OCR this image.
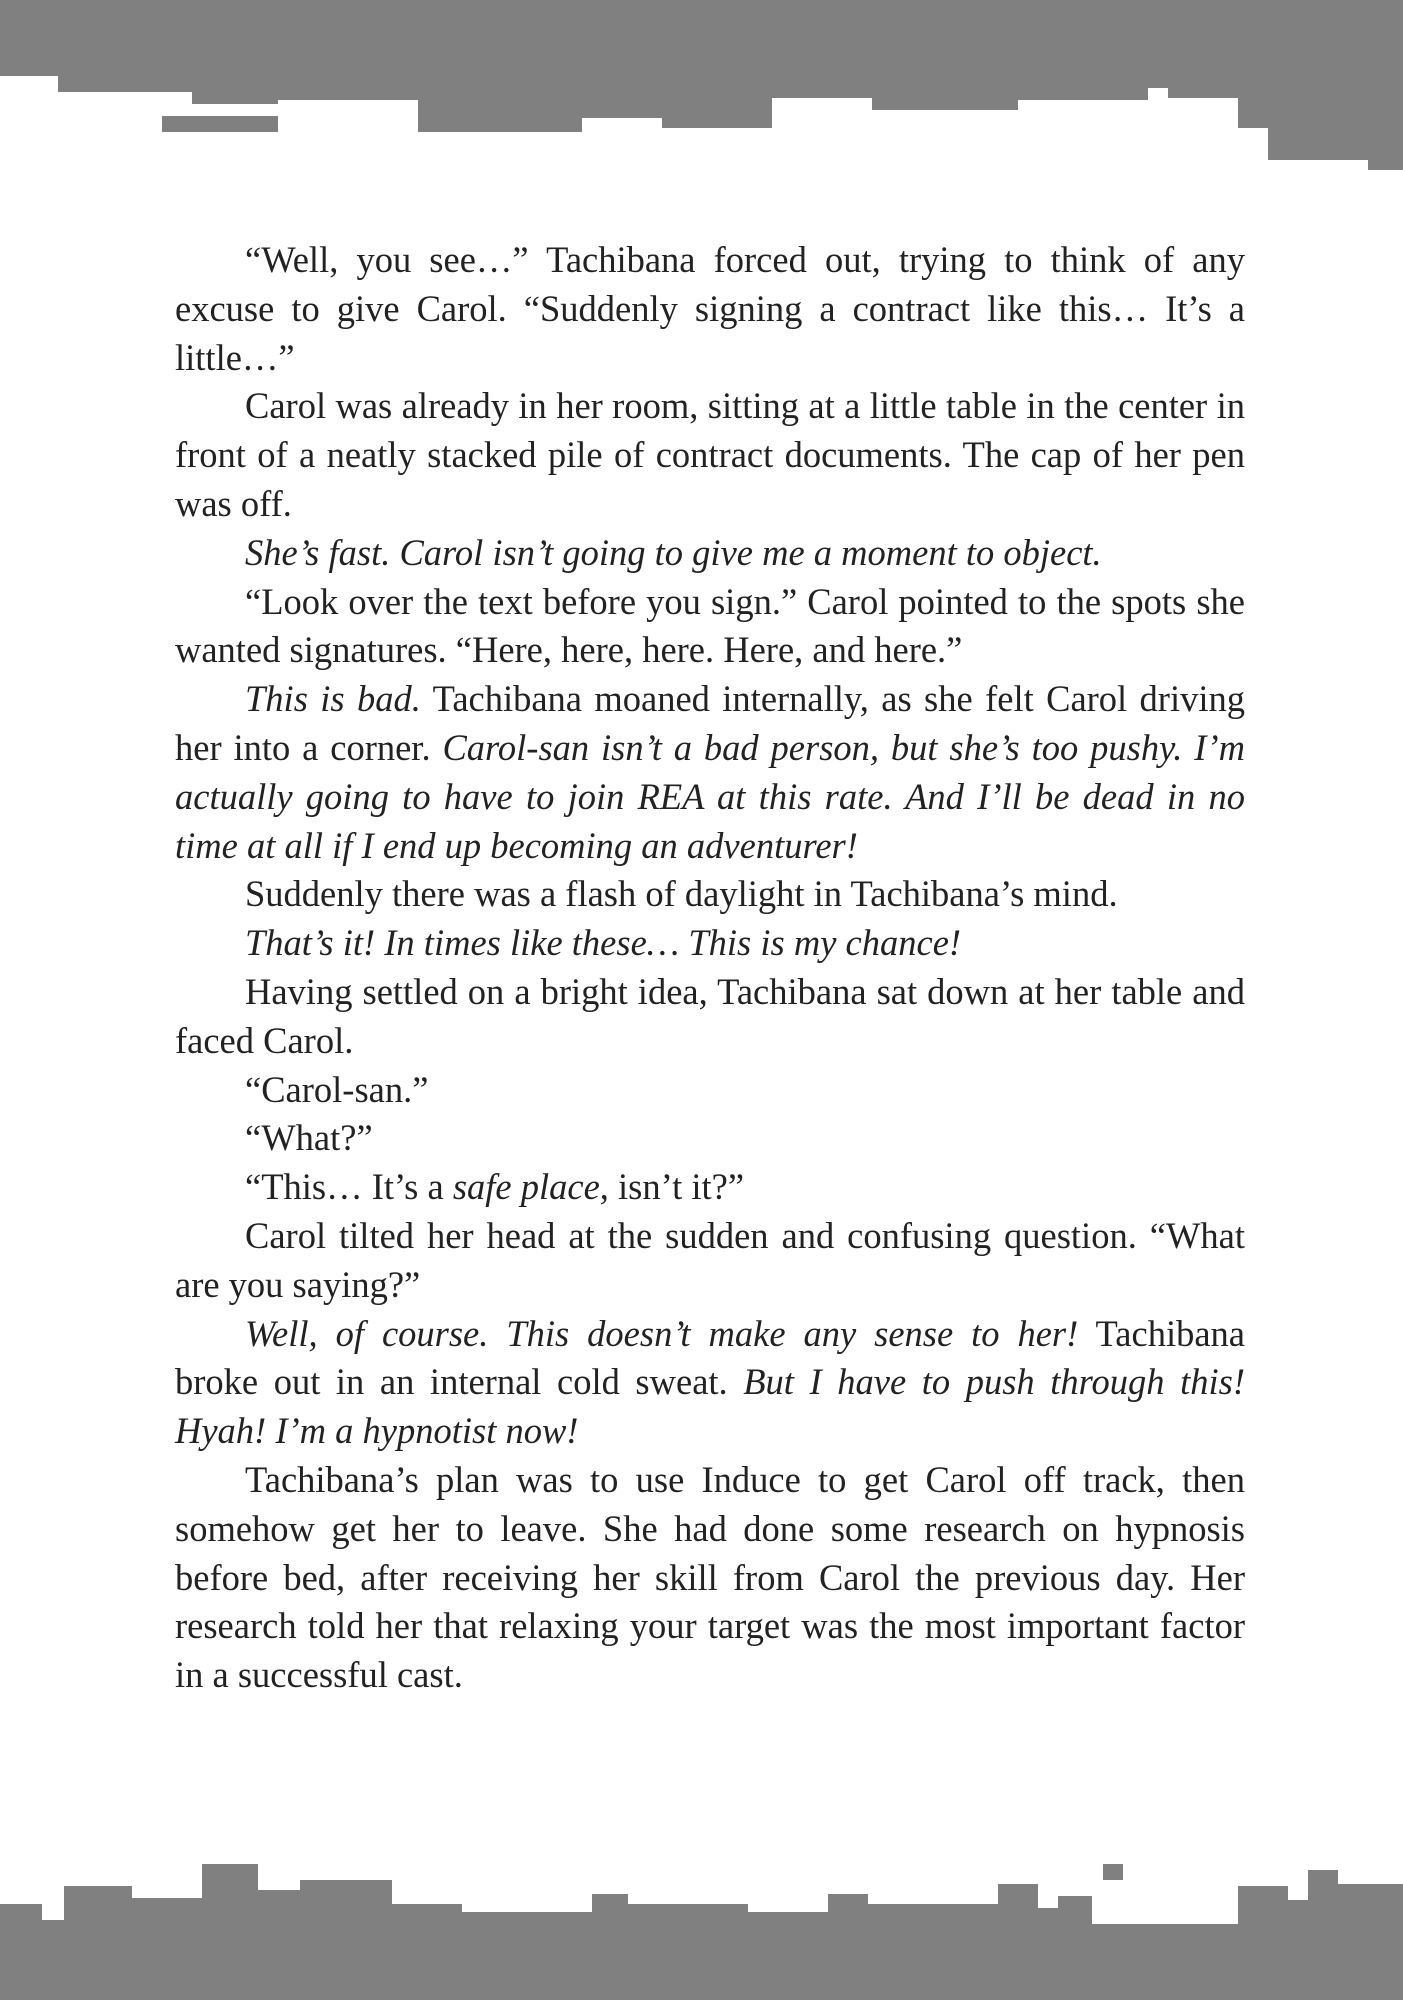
“Well, you see…” Tachibana forced out, trying to think of any excuse to give Carol. “Suddenly signing a contract like this… It’s a little…”

Carol was already in her room, sitting at a little table in the center in front of a neatly stacked pile of contract documents. The cap of her pen was off.

She’s fast. Carol isn’t going to give me a moment to object.

“Look over the text before you sign.” Carol pointed to the spots she wanted signatures. “Here, here, here. Here, and here.”

This is bad. Tachibana moaned internally, as she felt Carol driving her into a corner. Carol-san isn’t a bad person, but she’s too pushy. I’m actually going to have to join REA at this rate. And I’ll be dead in no time at all if I end up becoming an adventurer!

Suddenly there was a flash of daylight in Tachibana’s mind.

That’s it! In times like these… This is my chance!

Having settled on a bright idea, Tachibana sat down at her table and faced Carol.

“Carol-san.”

“What?”

“This… It’s a safe place, isn’t it?”

Carol tilted her head at the sudden and confusing question. “What are you saying?”

Well, of course. This doesn’t make any sense to her! Tachibana broke out in an internal cold sweat. But I have to push through this! Hyah! I’m a hypnotist now!

Tachibana’s plan was to use Induce to get Carol off track, then somehow get her to leave. She had done some research on hypnosis before bed, after receiving her skill from Carol the previous day. Her research told her that relaxing your target was the most important factor in a successful cast.
